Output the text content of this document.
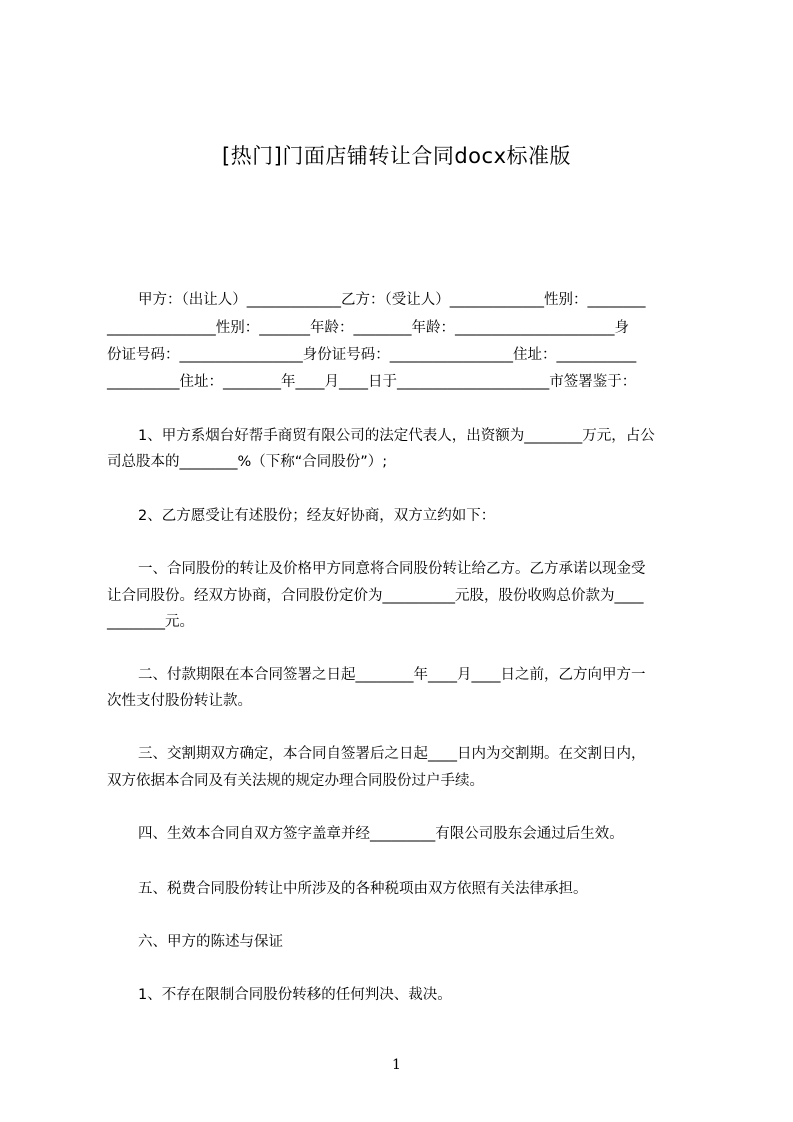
[热门]门面店铺转让合同docx标准版
甲方：（出让人）_____________乙方：（受让人）_____________性别：________
_______________性别：_______年龄：________年龄：______________________身
份证号码：_________________身份证号码：_________________住址：___________
__________住址：________年____月____日于_____________________市签署鉴于：
1、甲方系烟台好帮手商贸有限公司的法定代表人，出资额为________万元，占公
司总股本的________%（下称“合同股份”）;
2、乙方愿受让有述股份；经友好协商，双方立约如下：
一、合同股份的转让及价格甲方同意将合同股份转让给乙方。乙方承诺以现金受
让合同股份。经双方协商，合同股份定价为__________元股，股份收购总价款为____
________元。
二、付款期限在本合同签署之日起________年____月____日之前，乙方向甲方一
次性支付股份转让款。
三、交割期双方确定，本合同自签署后之日起____日内为交割期。在交割日内，
双方依据本合同及有关法规的规定办理合同股份过户手续。
四、生效本合同自双方签字盖章并经_________有限公司股东会通过后生效。
五、税费合同股份转让中所涉及的各种税项由双方依照有关法律承担。
六、甲方的陈述与保证
1、不存在限制合同股份转移的任何判决、裁决。
1
